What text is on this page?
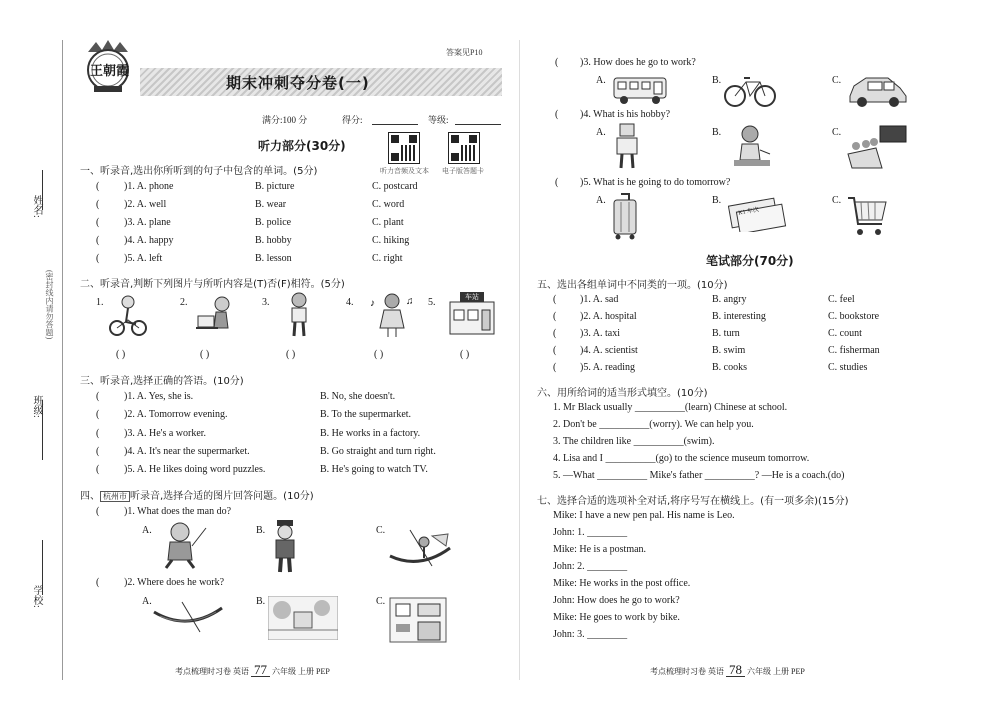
姓名:
(密封线内请勿答题)
班级:
学校:
王朝霞
期末冲刺夺分卷(一)
答案见P10
满分:100 分	得分:	等级:
听力部分(30分)
听力音频及文本 电子版答题卡
一、听录音,选出你所听到的句子中包含的单词。(5分)
( )1. A. phone	B. picture	C. postcard
( )2. A. well	B. wear	C. word
( )3. A. plane	B. police	C. plant
( )4. A. happy	B. hobby	C. hiking
( )5. A. left	B. lesson	C. right
二、听录音,判断下列图片与所听内容是(T)否(F)相符。(5分)
1.
( )
2.
( )
3.
( )
4. ♪	♫
( )
5.	车站
( )
三、听录音,选择正确的答语。(10分)
( )1. A. Yes, she is.	B. No, she doesn't.
( )2. A. Tomorrow evening.	B. To the supermarket.
( )3. A. He's a worker.	B. He works in a factory.
( )4. A. It's near the supermarket.	B. Go straight and turn right.
( )5. A. He likes doing word puzzles.	B. He's going to watch TV.
四、 杭州市 听录音,选择合适的图片回答问题。(10分)
( )1. What does the man do?
A.	B.	C.
( )2. Where does he work?
A.	B.	C.
考点梳理时习卷 英语 77 六年级 上册 PEP
( )3. How does he go to work?
A.	B.	C.
( )4. What is his hobby?
A.	B.	C.
( )5. What is he going to do tomorrow?
A.	B.
K1 车次
C.
笔试部分(70分)
五、选出各组单词中不同类的一项。(10分)
( )1. A. sad	B. angry	C. feel
( )2. A. hospital	B. interesting	C. bookstore
( )3. A. taxi	B. turn	C. count
( )4. A. scientist	B. swim	C. fisherman
( )5. A. reading	B. cooks	C. studies
六、用所给词的适当形式填空。(10分)
1. Mr Black usually __________(learn) Chinese at school.
2. Don't be __________(worry). We can help you.
3. The children like __________(swim).
4. Lisa and I __________(go) to the science museum tomorrow.
5. —What __________ Mike's father __________? —He is a coach.(do)
七、选择合适的选项补全对话,将序号写在横线上。(有一项多余)(15分)
Mike: I have a new pen pal. His name is Leo.
John: 1. ________
Mike: He is a postman.
John: 2. ________
Mike: He works in the post office.
John: How does he go to work?
Mike: He goes to work by bike.
John: 3. ________
考点梳理时习卷 英语 78 六年级 上册 PEP
